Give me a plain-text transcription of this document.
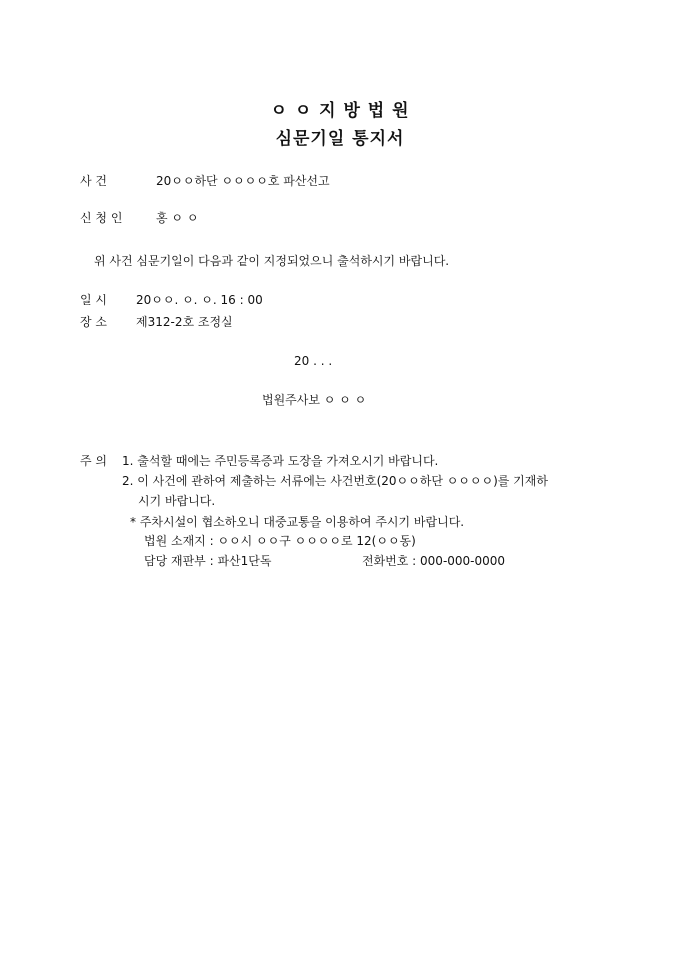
ㅇ ㅇ 지 방 법 원
심문기일 통지서
사 건	20ㅇㅇ하단 ㅇㅇㅇㅇ호 파산선고
신 청 인	홍 ㅇ ㅇ
위 사건 심문기일이 다음과 같이 지정되었으니 출석하시기 바랍니다.
일 시 20ㅇㅇ. ㅇ. ㅇ. 16 : 00
장 소 제312-2호 조정실
20 . . .
법원주사보 ㅇ ㅇ ㅇ
주 의 1. 출석할 때에는 주민등록증과 도장을 가져오시기 바랍니다.
2. 이 사건에 관하여 제출하는 서류에는 사건번호(20ㅇㅇ하단 ㅇㅇㅇㅇ)를 기재하
시기 바랍니다.
* 주차시설이 협소하오니 대중교통을 이용하여 주시기 바랍니다.
법원 소재지 : ㅇㅇ시 ㅇㅇ구 ㅇㅇㅇㅇ로 12(ㅇㅇ동)
담당 재판부 : 파산1단독	전화번호 : 000-000-0000
